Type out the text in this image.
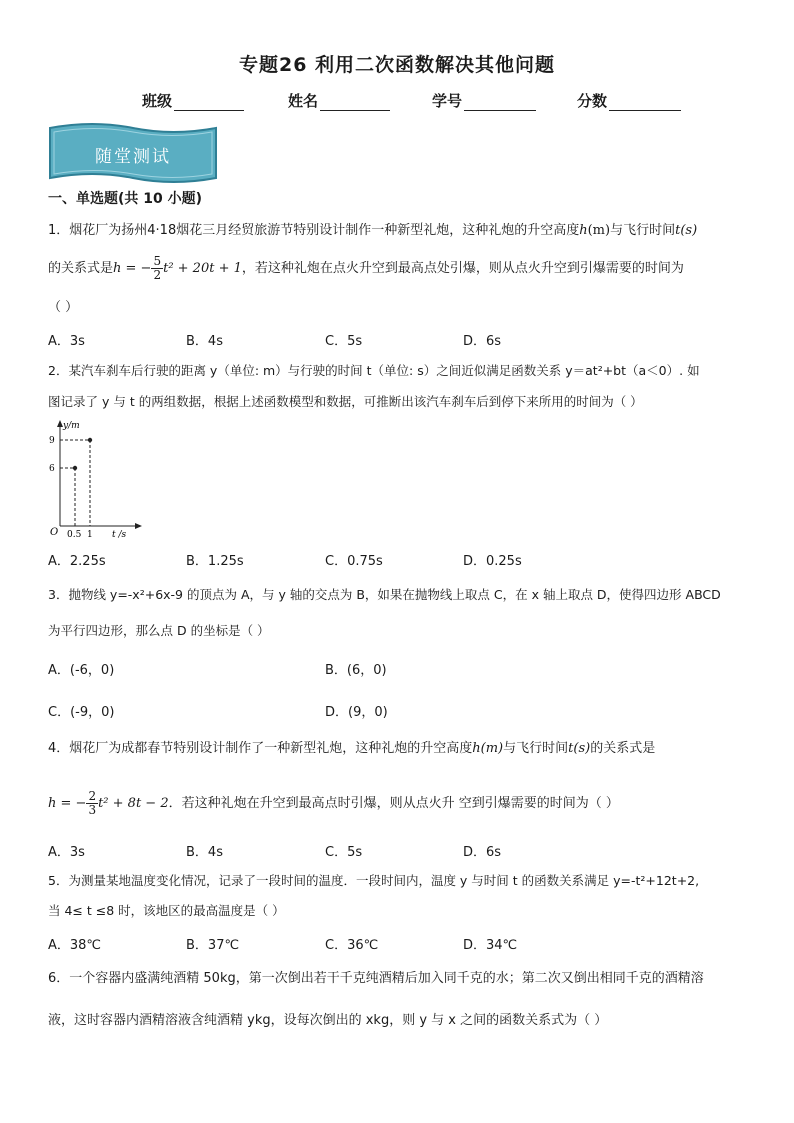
专题26 利用二次函数解决其他问题
班级	姓名	学号	分数
随堂测试
一、单选题(共 10 小题)
1．烟花厂为扬州4·18烟花三月经贸旅游节特别设计制作一种新型礼炮，这种礼炮的升空高度h(m)与飞行时间t(s)
的关系式是h = − $\frac{5}{2} t^2 + 20t + 1$，若这种礼炮在点火升空到最高点处引爆，则从点火升空到引爆需要的时间为
（ ）
A．3s	B．4s	C．5s	D．6s
2．某汽车刹车后行驶的距离 y（单位: m）与行驶的时间 t（单位: s）之间近似满足函数关系 y＝at²+bt（a＜0）. 如
图记录了 y 与 t 的两组数据，根据上述函数模型和数据，可推断出该汽车刹车后到停下来所用的时间为（ ）
y/m
9
6
O 0.5 1 t /s
A．2.25s	B．1.25s	C．0.75s	D．0.25s
3．抛物线 y=-x²+6x-9 的顶点为 A，与 y 轴的交点为 B，如果在抛物线上取点 C，在 x 轴上取点 D，使得四边形 ABCD
为平行四边形，那么点 D 的坐标是（ ）
A．(-6，0)	B．(6，0)
C．(-9，0)	D．(9，0)
4．烟花厂为成都春节特别设计制作了一种新型礼炮，这种礼炮的升空高度h(m)与飞行时间t(s)的关系式是
h = − $\frac{2}{3} t^2 + 8t - 2$．若这种礼炮在升空到最高点时引爆，则从点火升 空到引爆需要的时间为（ ）
A．3s	B．4s	C．5s	D．6s
5．为测量某地温度变化情况，记录了一段时间的温度．一段时间内，温度 y 与时间 t 的函数关系满足 y=-t²+12t+2,
当 4≤ t ≤8 时，该地区的最高温度是（ ）
A．38℃	B．37℃	C．36℃	D．34℃
6．一个容器内盛满纯酒精 50kg，第一次倒出若干千克纯酒精后加入同千克的水；第二次又倒出相同千克的酒精溶
液，这时容器内酒精溶液含纯酒精 ykg，设每次倒出的 xkg，则 y 与 x 之间的函数关系式为（ ）
